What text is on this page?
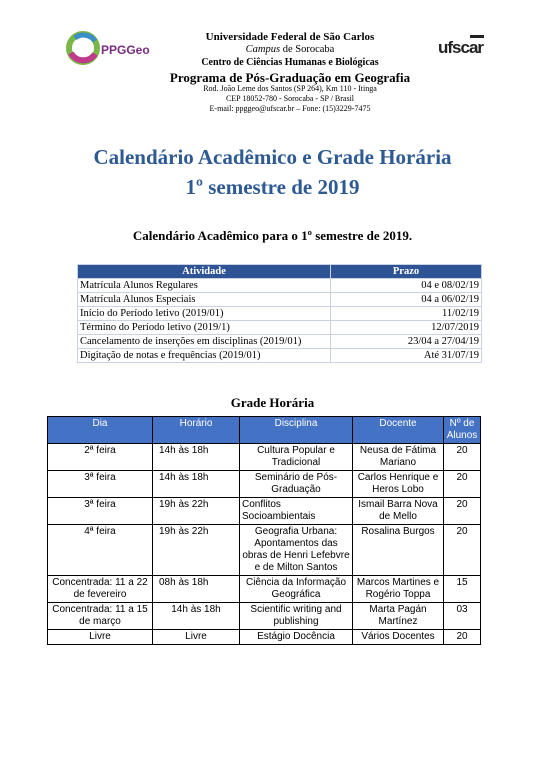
PPGGeo	ufscar
Universidade Federal de São Carlos
Campus de Sorocaba
Centro de Ciências Humanas e Biológicas
Programa de Pós-Graduação em Geografia
Rod. João Leme dos Santos (SP 264), Km 110 - Itinga
CEP 18052-780 - Sorocaba - SP / Brasil
E-mail: ppggeo@ufscar.br – Fone: (15)3229-7475
Calendário Acadêmico e Grade Horária
1º semestre de 2019
Calendário Acadêmico para o 1º semestre de 2019.
Atividade	Prazo
Matrícula Alunos Regulares	04 e 08/02/19
Matrícula Alunos Especiais	04 a 06/02/19
Início do Período letivo (2019/01)	11/02/19
Término do Período letivo (2019/1)	12/07/2019
Cancelamento de inserções em disciplinas (2019/01)	23/04 a 27/04/19
Digitação de notas e frequências (2019/01)	Até 31/07/19
Grade Horária
Dia	Horário	Disciplina	Docente	Nº de Alunos
2ª feira	14h às 18h	Cultura Popular e Tradicional	Neusa de Fátima Mariano	20
3ª feira	14h às 18h	Seminário de Pós-Graduação	Carlos Henrique e Heros Lobo	20
3ª feira	19h às 22h	Conflitos Socioambientais	Ismail Barra Nova de Mello	20
4ª feira	19h às 22h	Geografia Urbana: Apontamentos das obras de Henri Lefebvre e de Milton Santos	Rosalina Burgos	20
Concentrada: 11 a 22 de fevereiro	08h às 18h	Ciência da Informação Geográfica	Marcos Martines e Rogério Toppa	15
Concentrada: 11 a 15 de março	14h às 18h	Scientific writing and publishing	Marta Pagán Martínez	03
Livre	Livre	Estágio Docência	Vários Docentes	20
